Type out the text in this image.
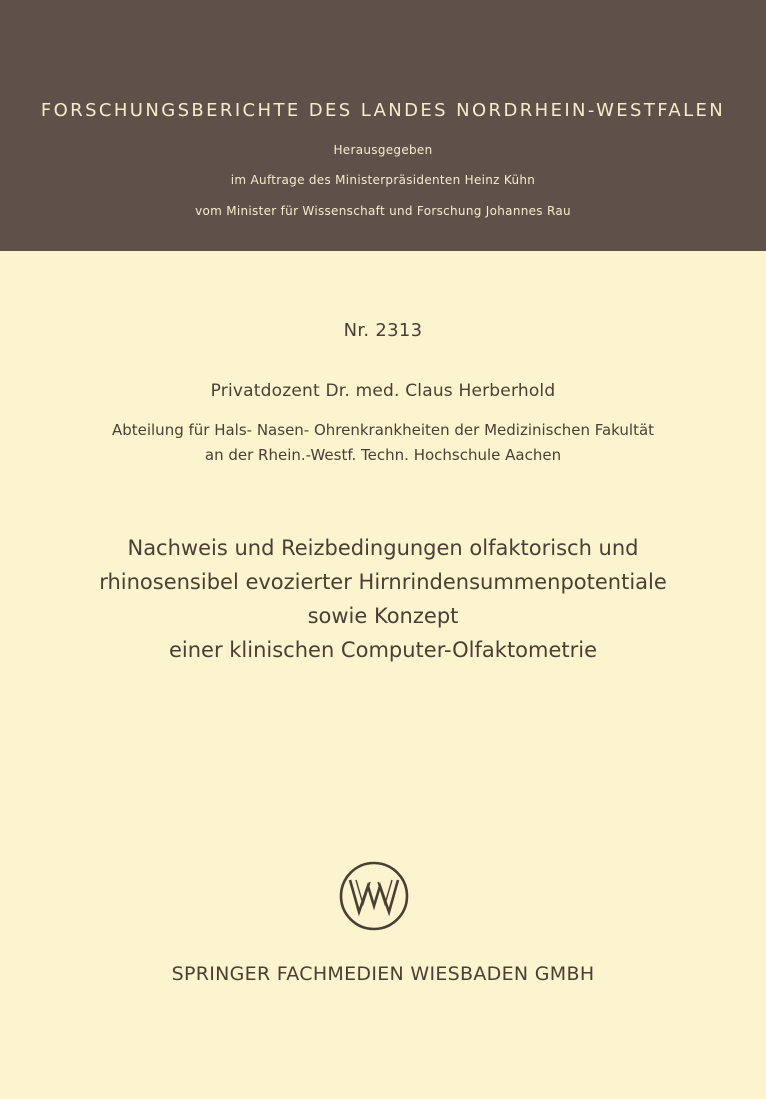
FORSCHUNGSBERICHTE DES LANDES NORDRHEIN-WESTFALEN
Herausgegeben
im Auftrage des Ministerpräsidenten Heinz Kühn
vom Minister für Wissenschaft und Forschung Johannes Rau
Nr. 2313
Privatdozent Dr. med. Claus Herberhold
Abteilung für Hals- Nasen- Ohrenkrankheiten der Medizinischen Fakultät
an der Rhein.-Westf. Techn. Hochschule Aachen
Nachweis und Reizbedingungen olfaktorisch und
rhinosensibel evozierter Hirnrindensummenpotentiale
sowie Konzept
einer klinischen Computer-Olfaktometrie
SPRINGER FACHMEDIEN WIESBADEN GMBH
